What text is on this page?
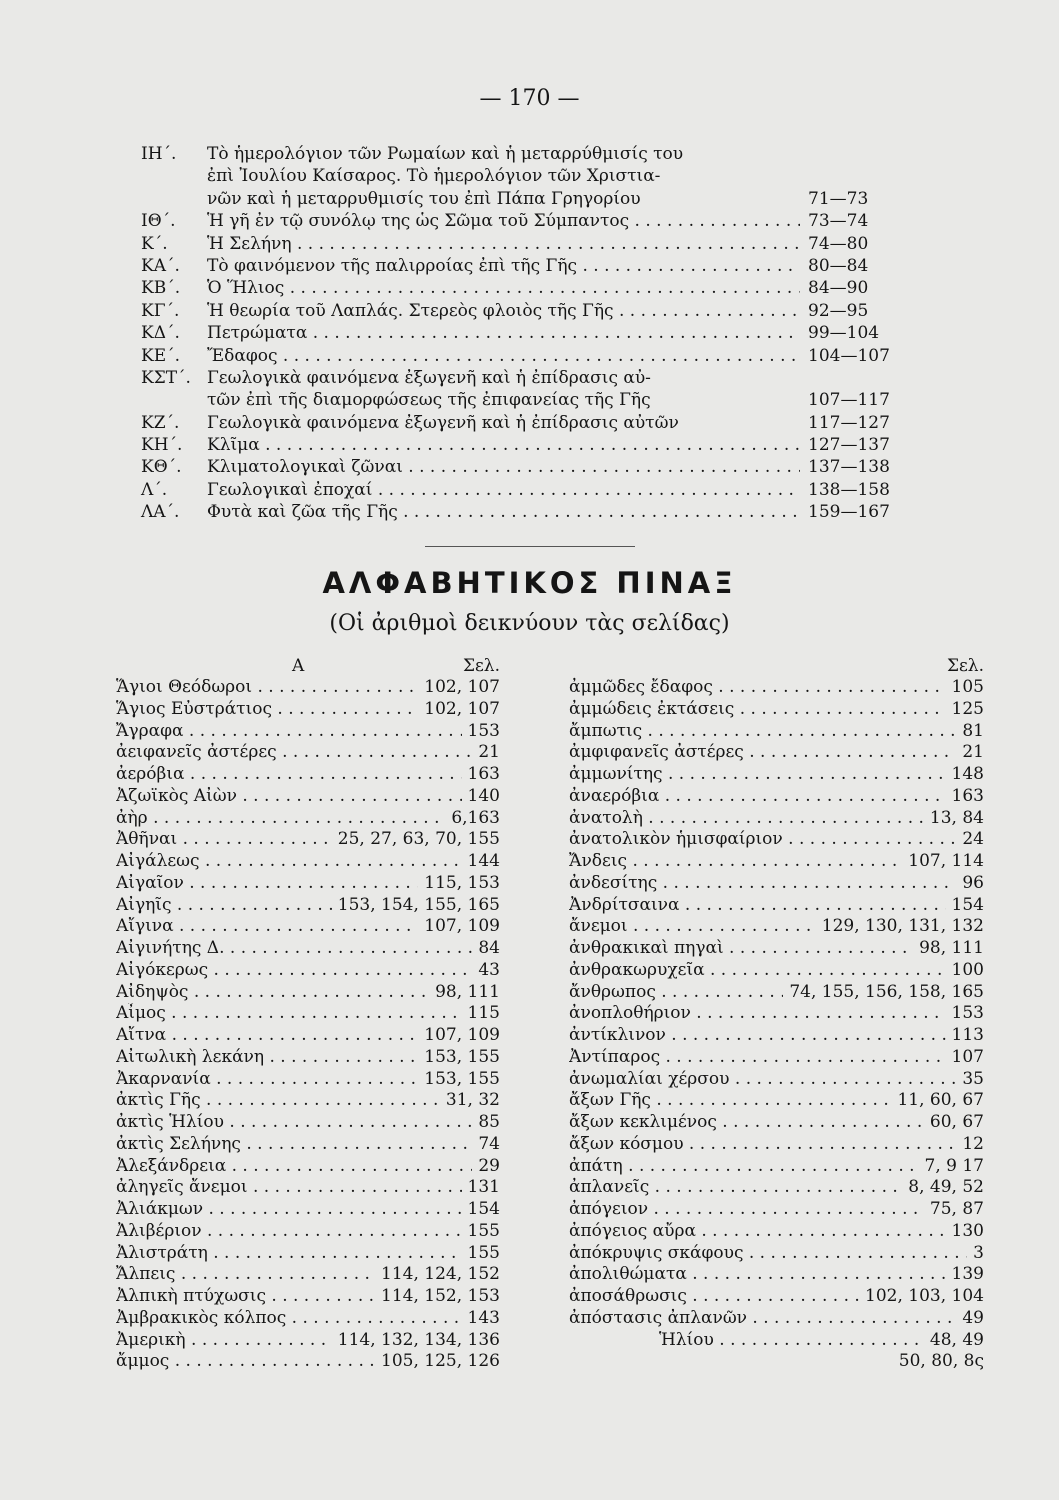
— 170 —
ΙΗ΄.	Τὸ ἡμερολόγιον τῶν Ρωμαίων καὶ ἡ μεταρρύθμισίς του
ἐπὶ Ἰουλίου Καίσαρος. Τὸ ἡμερολόγιον τῶν Χριστια-
νῶν καὶ ἡ μεταρρυθμισίς του ἐπὶ Πάπα Γρηγορίου	71—73
ΙΘ΄.	Ἡ γῆ ἐν τῷ συνόλῳ της ὡς Σῶμα τοῦ Σύμπαντος . . .	73—74
Κ΄.	Ἡ Σελήνη . . .	74—80
ΚΑ΄.	Τὸ φαινόμενον τῆς παλιρροίας ἐπὶ τῆς Γῆς . . .	80—84
ΚΒ΄.	Ὁ Ἥλιος . . .	84—90
ΚΓ΄.	Ἡ θεωρία τοῦ Λαπλάς. Στερεὸς φλοιὸς τῆς Γῆς . . .	92—95
ΚΔ΄.	Πετρώματα . . .	99—104
ΚΕ΄.	Ἔδαφος . . .	104—107
ΚΣΤ΄. Γεωλογικὰ φαινόμενα ἐξωγενῆ καὶ ἡ ἐπίδρασις αὐ-
τῶν ἐπὶ τῆς διαμορφώσεως τῆς ἐπιφανείας τῆς Γῆς	107—117
ΚΖ΄.	Γεωλογικὰ φαινόμενα ἐξωγενῆ καὶ ἡ ἐπίδρασις αὐτῶν	117—127
ΚΗ΄.	Κλῖμα . . .	127—137
ΚΘ΄.	Κλιματολογικαὶ ζῶναι . . .	137—138
Λ΄.	Γεωλογικαὶ ἐποχαί . . .	138—158
ΛΑ΄.	Φυτὰ καὶ ζῶα τῆς Γῆς . . .	159—167
ΑΛΦΑΒΗΤΙΚΟΣ ΠΙΝΑΞ
(Οἱ ἀριθμοὶ δεικνύουν τὰς σελίδας)
Α	Σελ.
Ἅγιοι Θεόδωροι . . .	102, 107
Ἅγιος Εὐστράτιος . . .	102, 107
Ἄγραφα . . .	153
ἀειφανεῖς ἀστέρες . . .	21
ἀερόβια . . .	163
Ἀζωϊκὸς Αἰὼν . . .	140
ἀὴρ . . .	6,163
Ἀθῆναι . . .	25, 27, 63, 70, 155
Αἰγάλεως . . .	144
Αἰγαῖον . . .	115, 153
Αἰγηῖς . . .	153, 154, 155, 165
Αἴγινα . . .	107, 109
Αἰγινήτης Δ. . . .	84
Αἰγόκερως . . .	43
Αἰδηψὸς . . .	98, 111
Αἶμος . . .	115
Αἴτνα . . .	107, 109
Αἰτωλικὴ λεκάνη . . .	153, 155
Ἀκαρνανία . . .	153, 155
ἀκτὶς Γῆς . . .	31, 32
ἀκτὶς Ἡλίου . . .	85
ἀκτὶς Σελήνης . . .	74
Ἀλεξάνδρεια . . .	29
ἀληγεῖς ἄνεμοι . . .	131
Ἀλιάκμων . . .	154
Ἀλιβέριον . . .	155
Ἀλιστράτη . . .	155
Ἄλπεις . . .	114, 124, 152
Ἀλπικὴ πτύχωσις . . .	114, 152, 153
Ἀμβρακικὸς κόλπος . . .	143
Ἀμερικὴ . . .	114, 132, 134, 136
ἄμμος . . .	105, 125, 126
Σελ.
ἀμμῶδες ἔδαφος . . .	105
ἀμμώδεις ἐκτάσεις . . .	125
ἄμπωτις . . .	81
ἀμφιφανεῖς ἀστέρες . . .	21
ἀμμωνίτης . . .	148
ἀναερόβια . . .	163
ἀνατολὴ . . .	13, 84
ἀνατολικὸν ἡμισφαίριον . . .	24
Ἄνδεις . . .	107, 114
ἀνδεσίτης . . .	96
Ἀνδρίτσαινα . . .	154
ἄνεμοι . . .	129, 130, 131, 132
ἀνθρακικαὶ πηγαὶ . . .	98, 111
ἀνθρακωρυχεῖα . . .	100
ἄνθρωπος . . .	74, 155, 156, 158, 165
ἀνοπλοθήριον . . .	153
ἀντίκλινον . . .	113
Ἀντίπαρος . . .	107
ἀνωμαλίαι χέρσου . . .	35
ἄξων Γῆς . . .	11, 60, 67
ἄξων κεκλιμένος . . .	60, 67
ἄξων κόσμου . . .	12
ἀπάτη . . .	7, 9 17
ἀπλανεῖς . . .	8, 49, 52
ἀπόγειον . . .	75, 87
ἀπόγειος αὔρα . . .	130
ἀπόκρυψις σκάφους . . .	3
ἀπολιθώματα . . .	139
ἀποσάθρωσις . . .	102, 103, 104
ἀπόστασις ἀπλανῶν . . .	49
Ἡλίου . . .	48, 49
50, 80, 8ς
